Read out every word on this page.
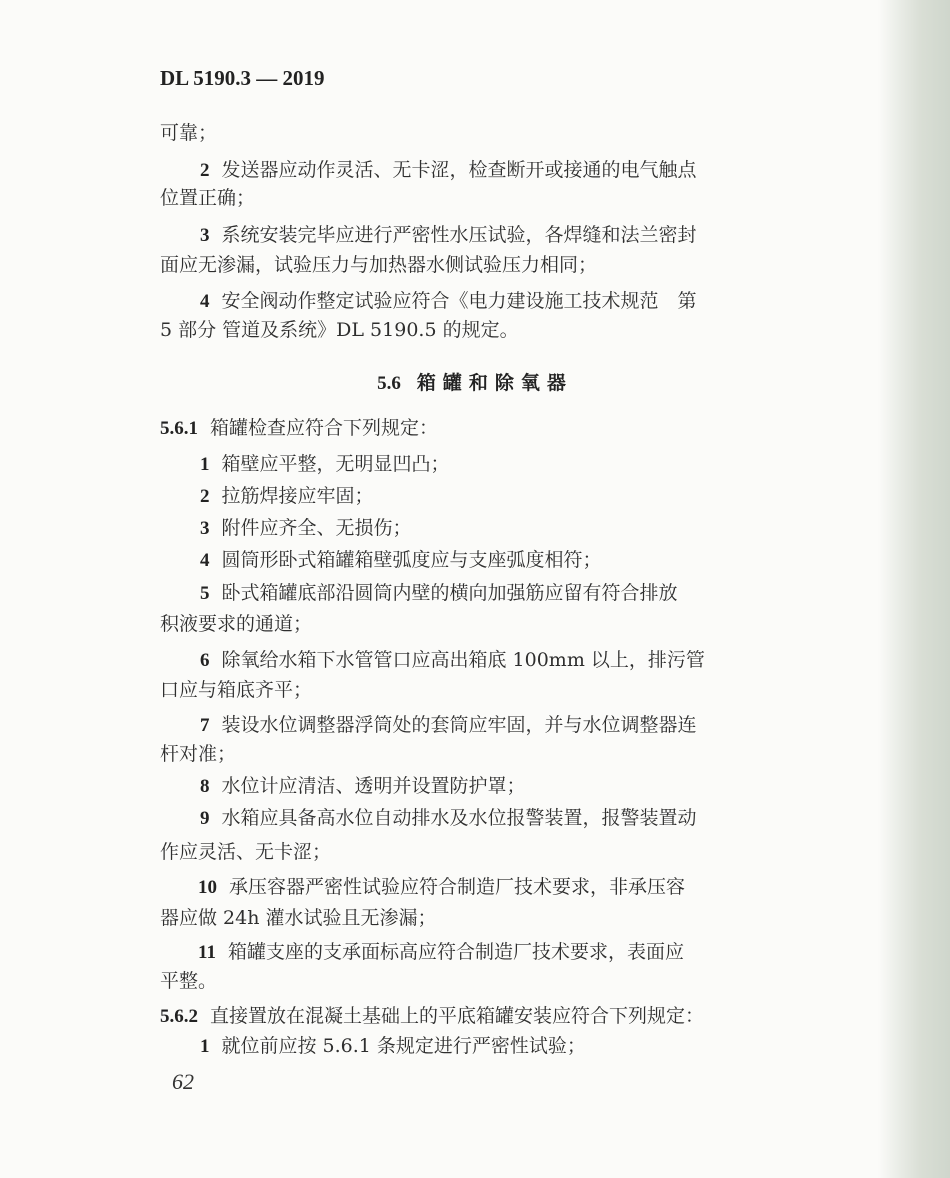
DL 5190.3 — 2019
可靠；
2 发送器应动作灵活、无卡涩，检查断开或接通的电气触点
位置正确；
3 系统安装完毕应进行严密性水压试验，各焊缝和法兰密封
面应无渗漏，试验压力与加热器水侧试验压力相同；
4 安全阀动作整定试验应符合《电力建设施工技术规范　第
5 部分 管道及系统》DL 5190.5 的规定。
5.6 箱罐和除氧器
5.6.1 箱罐检查应符合下列规定：
1 箱壁应平整，无明显凹凸；
2 拉筋焊接应牢固；
3 附件应齐全、无损伤；
4 圆筒形卧式箱罐箱壁弧度应与支座弧度相符；
5 卧式箱罐底部沿圆筒内壁的横向加强筋应留有符合排放
积液要求的通道；
6 除氧给水箱下水管管口应高出箱底 100mm 以上，排污管
口应与箱底齐平；
7 装设水位调整器浮筒处的套筒应牢固，并与水位调整器连
杆对准；
8 水位计应清洁、透明并设置防护罩；
9 水箱应具备高水位自动排水及水位报警装置，报警装置动
作应灵活、无卡涩；
10 承压容器严密性试验应符合制造厂技术要求，非承压容
器应做 24h 灌水试验且无渗漏；
11 箱罐支座的支承面标高应符合制造厂技术要求，表面应
平整。
5.6.2 直接置放在混凝土基础上的平底箱罐安装应符合下列规定：
1 就位前应按 5.6.1 条规定进行严密性试验；
62
